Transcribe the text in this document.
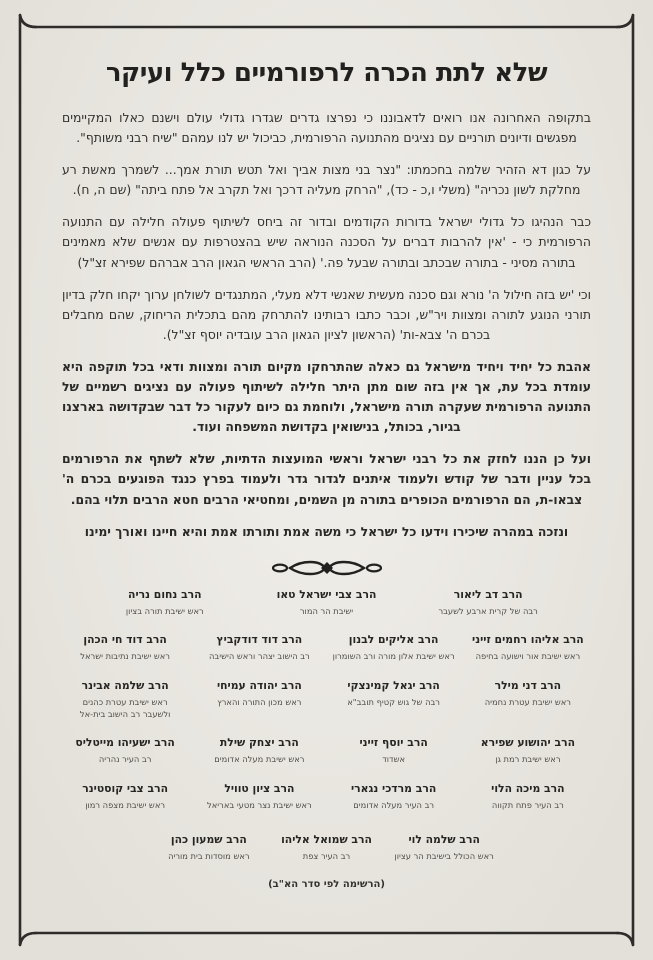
שלא לתת הכרה לרפורמיים כלל ועיקר

בתקופה האחרונה אנו רואים לדאבוננו כי נפרצו גדרים שגדרו גדולי עולם וישנם כאלו המקיימים מפגשים ודיונים תורניים עם נציגים מהתנועה הרפורמית, כביכול יש לנו עמהם "שיח רבני משותף".

על כגון דא הזהיר שלמה בחכמתו: "נצר בני מצות אביך ואל תטש תורת אמך... לשמרך מאשת רע מחלקת לשון נכריה" (משלי ו,כ - כד), "הרחק מעליה דרכך ואל תקרב אל פתח ביתה" (שם ה, ח).

כבר הנהיגו כל גדולי ישראל בדורות הקודמים ובדור זה ביחס לשיתוף פעולה חלילה עם התנועה הרפורמית כי - 'אין להרבות דברים על הסכנה הנוראה שיש בהצטרפות עם אנשים שלא מאמינים בתורה מסיני - בתורה שבכתב ובתורה שבעל פה.' (הרב הראשי הגאון הרב אברהם שפירא זצ"ל)

וכי 'יש בזה חילול ה' נורא וגם סכנה מעשית שאנשי דלא מעלי, המתנגדים לשולחן ערוך יקחו חלק בדיון תורני הנוגע לתורה ומצוות ויר"ש, וכבר כתבו רבותינו להתרחק מהם בתכלית הריחוק, שהם מחבלים בכרם ה' צבא-ות' (הראשון לציון הגאון הרב עובדיה יוסף זצ"ל).

אהבת כל יחיד ויחיד מישראל גם כאלה שהתרחקו מקיום תורה ומצוות ודאי בכל תוקפה היא עומדת בכל עת, אך אין בזה שום מתן היתר חלילה לשיתוף פעולה עם נציגים רשמיים של התנועה הרפורמית שעקרה תורה מישראל, ולוחמת גם כיום לעקור כל דבר שבקדושה בארצנו בגיור, בכותל, בנישואין בקדושת המשפחה ועוד.

ועל כן הננו לחזק את כל רבני ישראל וראשי המועצות הדתיות, שלא לשתף את הרפורמים בכל עניין ודבר של קודש ולעמוד איתנים לגדור גדר ולעמוד בפרץ כנגד הפוגעים בכרם ה' צבאו-ת, הם הרפורמים הכופרים בתורה מן השמים, ומחטיאי הרבים חטא הרבים תלוי בהם.

ונזכה במהרה שיכירו וידעו כל ישראל כי משה אמת ותורתו אמת והיא חיינו ואורך ימינו

הרב דב ליאור
רבה של קרית ארבע לשעבר
הרב צבי ישראל טאו
ישיבת הר המור
הרב נחום נריה
ראש ישיבת תורה בציון
הרב אליהו רחמים זייני
ראש ישיבת אור וישועה בחיפה
הרב אליקים לבנון
ראש ישיבת אלון מורה ורב השומרון
הרב דוד דודקביץ
רב הישוב יצהר וראש הישיבה
הרב דוד חי הכהן
ראש ישיבת נתיבות ישראל
הרב דני מילר
ראש ישיבת עטרת נחמיה
הרב יגאל קמינצקי
רבה של גוש קטיף תובב"א
הרב יהודה עמיחי
ראש מכון התורה והארץ
הרב שלמה אבינר
ראש ישיבת עטרת כהנים
ולשעבר רב הישוב בית-אל
הרב יהושוע שפירא
ראש ישיבת רמת גן
הרב יוסף זייני
אשדוד
הרב יצחק שילת
ראש ישיבת מעלה אדומים
הרב ישעיהו מייטליס
רב העיר נהריה
הרב מיכה הלוי
רב העיר פתח תקווה
הרב מרדכי נגארי
רב העיר מעלה אדומים
הרב ציון טוויל
ראש ישיבת נצר מטעי באריאל
הרב צבי קוסטינר
ראש ישיבת מצפה רמון
הרב שלמה לוי
ראש הכולל בישיבת הר עציון
הרב שמואל אליהו
רב העיר צפת
הרב שמעון כהן
ראש מוסדות בית מוריה
(הרשימה לפי סדר הא"ב)
